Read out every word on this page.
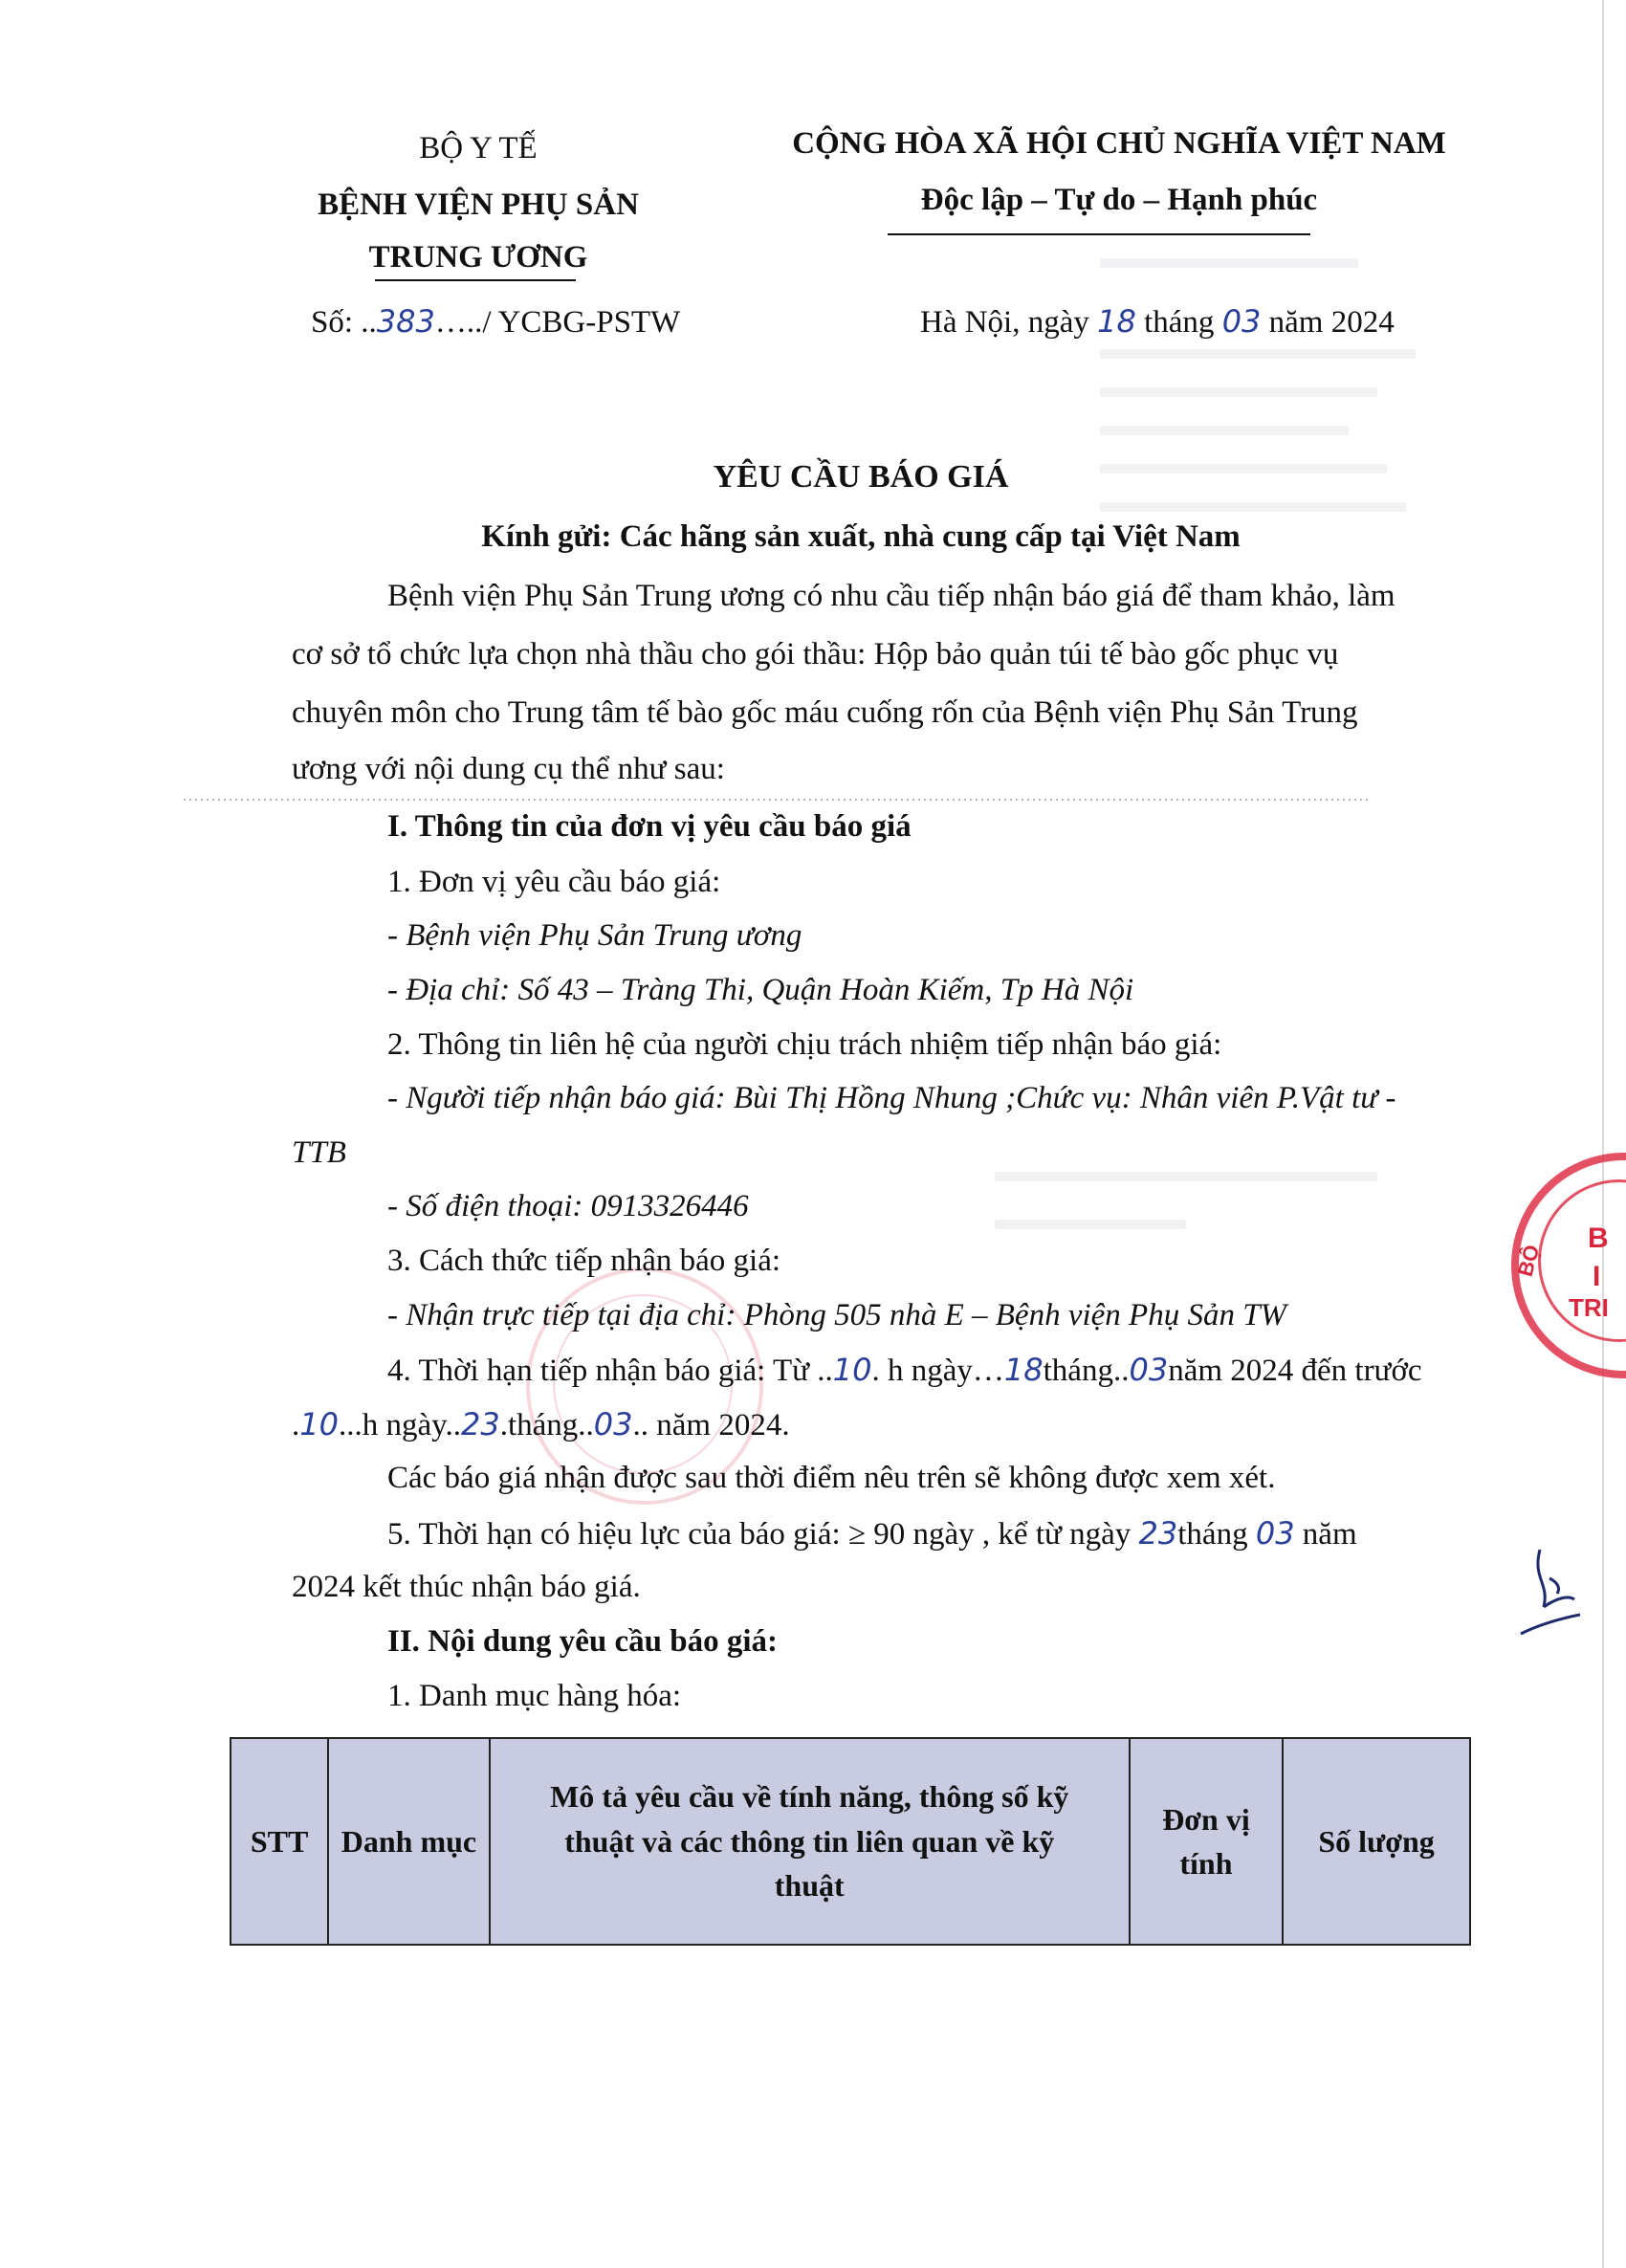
B
I
TRI
BỘ
BỘ Y TẾ
BỆNH VIỆN PHỤ SẢN
TRUNG ƯƠNG
Số: ..383…../ YCBG-PSTW
CỘNG HÒA XÃ HỘI CHỦ NGHĨA VIỆT NAM
Độc lập – Tự do – Hạnh phúc
Hà Nội, ngày 18 tháng 03 năm 2024
YÊU CẦU BÁO GIÁ
Kính gửi: Các hãng sản xuất, nhà cung cấp tại Việt Nam
Bệnh viện Phụ Sản Trung ương có nhu cầu tiếp nhận báo giá để tham khảo, làm
cơ sở tổ chức lựa chọn nhà thầu cho gói thầu: Hộp bảo quản túi tế bào gốc phục vụ
chuyên môn cho Trung tâm tế bào gốc máu cuống rốn của Bệnh viện Phụ Sản Trung
ương với nội dung cụ thể như sau:
I. Thông tin của đơn vị yêu cầu báo giá
1. Đơn vị yêu cầu báo giá:
- Bệnh viện Phụ Sản Trung ương
- Địa chỉ: Số 43 – Tràng Thi, Quận Hoàn Kiếm, Tp Hà Nội
2. Thông tin liên hệ của người chịu trách nhiệm tiếp nhận báo giá:
- Người tiếp nhận báo giá: Bùi Thị Hồng Nhung ;Chức vụ: Nhân viên P.Vật tư -
TTB
- Số điện thoại: 0913326446
3. Cách thức tiếp nhận báo giá:
- Nhận trực tiếp tại địa chỉ: Phòng 505 nhà E – Bệnh viện Phụ Sản TW
4. Thời hạn tiếp nhận báo giá: Từ ..10. h ngày…18tháng..03năm 2024 đến trước
.10...h ngày..23.tháng..03.. năm 2024.
Các báo giá nhận được sau thời điểm nêu trên sẽ không được xem xét.
5. Thời hạn có hiệu lực của báo giá: ≥ 90 ngày , kể từ ngày 23tháng 03 năm
2024 kết thúc nhận báo giá.
II. Nội dung yêu cầu báo giá:
1. Danh mục hàng hóa:
STT	Danh mục	Mô tả yêu cầu về tính năng, thông số kỹ thuật và các thông tin liên quan về kỹ thuật	Đơn vị tính	Số lượng
